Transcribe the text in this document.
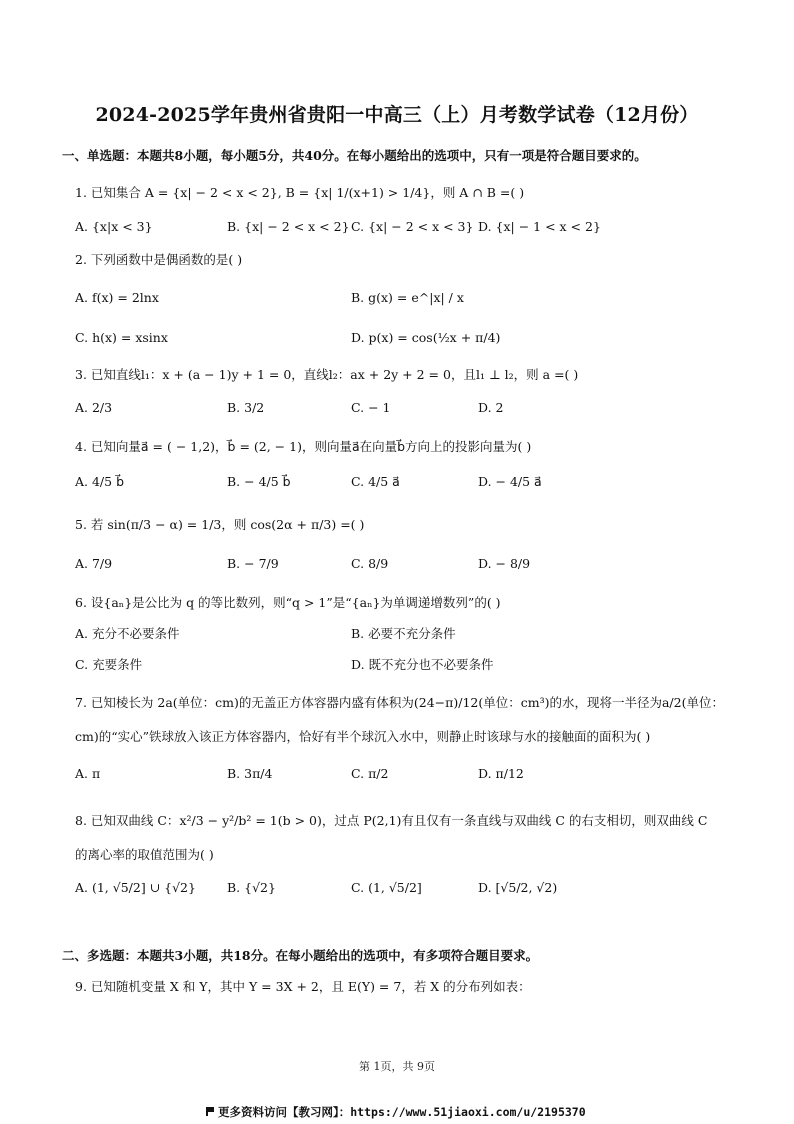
2024-2025学年贵州省贵阳一中高三（上）月考数学试卷（12月份）
一、单选题：本题共8小题，每小题5分，共40分。在每小题给出的选项中，只有一项是符合题目要求的。
1. 已知集合 A = {x| − 2 < x < 2}, B = {x| 1/(x+1) > 1/4}，则 A ∩ B =( )
A. {x|x < 3}	B. {x| − 2 < x < 2} C. {x| − 2 < x < 3} D. {x| − 1 < x < 2}
2. 下列函数中是偶函数的是( )
A. f(x) = 2lnx	B. g(x) = e^|x| / x
C. h(x) = xsinx	D. p(x) = cos(½x + π/4)
3. 已知直线l₁：x + (a − 1)y + 1 = 0，直线l₂：ax + 2y + 2 = 0，且l₁ ⊥ l₂，则 a =( )
A. 2/3	B. 3/2	C. − 1	D. 2
4. 已知向量a⃗ = ( − 1,2)，b⃗ = (2, − 1)，则向量a⃗在向量b⃗方向上的投影向量为( )
A. 4/5 b⃗	B. − 4/5 b⃗	C. 4/5 a⃗	D. − 4/5 a⃗
5. 若 sin(π/3 − α) = 1/3，则 cos(2α + π/3) =( )
A. 7/9	B. − 7/9	C. 8/9	D. − 8/9
6. 设{aₙ}是公比为 q 的等比数列，则“q > 1”是“{aₙ}为单调递增数列”的( )
A. 充分不必要条件	B. 必要不充分条件
C. 充要条件	D. 既不充分也不必要条件
7. 已知棱长为 2a(单位：cm)的无盖正方体容器内盛有体积为(24−π)/12(单位：cm³)的水，现将一半径为a/2(单位：
cm)的“实心”铁球放入该正方体容器内，恰好有半个球沉入水中，则静止时该球与水的接触面的面积为( )
A. π	B. 3π/4	C. π/2	D. π/12
8. 已知双曲线 C：x²/3 − y²/b² = 1(b > 0)，过点 P(2,1)有且仅有一条直线与双曲线 C 的右支相切，则双曲线 C
的离心率的取值范围为( )
A. (1, √5/2] ∪ {√2} B. {√2}	C. (1, √5/2]	D. [√5/2, √2)
二、多选题：本题共3小题，共18分。在每小题给出的选项中，有多项符合题目要求。
9. 已知随机变量 X 和 Y，其中 Y = 3X + 2，且 E(Y) = 7，若 X 的分布列如表：
第 1页，共 9页
更多资料访问【教习网】：https://www.51jiaoxi.com/u/2195370
